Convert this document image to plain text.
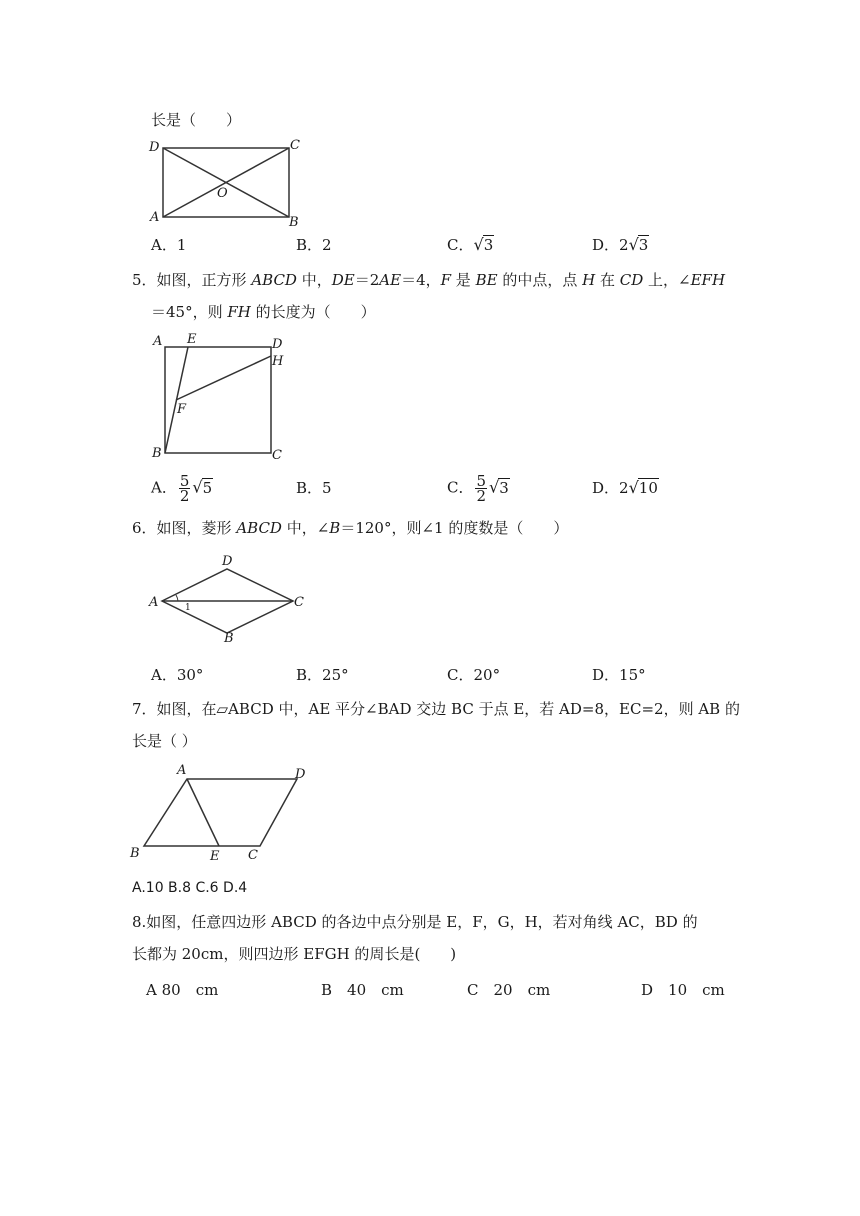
长是（　　）
D	C
A	B
O
A．1	B．2	C．√3	D．2√3
5．如图，正方形 ABCD 中，DE＝2AE＝4，F 是 BE 的中点，点 H 在 CD 上，∠EFH
＝45°，则 FH 的长度为（　　）
A E	D
H
F
B	C
A． $\frac{5}{2} √5$	B．5	C． $\frac{5}{2} √3$	D．2√10
6．如图，菱形 ABCD 中，∠B＝120°，则∠1 的度数是（　　）
A
D
C
B
1
A．30°	B．25°	C．20°	D．15°
7．如图，在▱ABCD 中，AE 平分∠BAD 交边 BC 于点 E，若 AD=8，EC=2，则 AB 的
长是（ ）
A	D
B	E C
A.10 B.8 C.6 D.4
8.如图，任意四边形 ABCD 的各边中点分别是 E，F，G，H，若对角线 AC，BD 的
长都为 20cm，则四边形 EFGH 的周长是(　　)
A 80　cm	B　40　cm	C　20　cm	D　10　cm
